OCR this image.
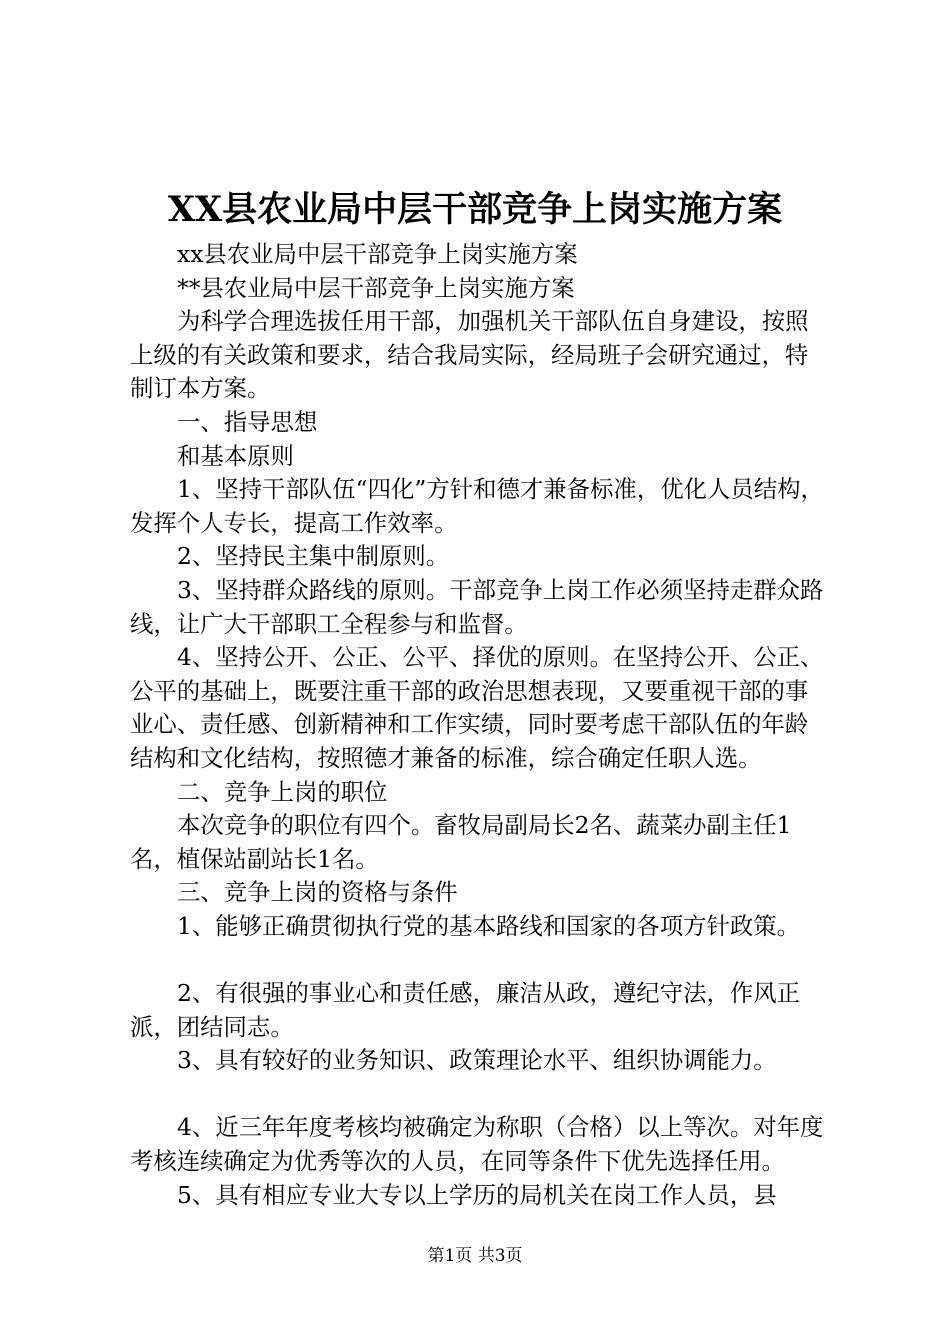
XX县农业局中层干部竞争上岗实施方案

xx县农业局中层干部竞争上岗实施方案

**县农业局中层干部竞争上岗实施方案

为科学合理选拔任用干部，加强机关干部队伍自身建设，按照上级的有关政策和要求，结合我局实际，经局班子会研究通过，特制订本方案。

一、指导思想

和基本原则

1、坚持干部队伍“四化”方针和德才兼备标准，优化人员结构，发挥个人专长，提高工作效率。

2、坚持民主集中制原则。

3、坚持群众路线的原则。干部竞争上岗工作必须坚持走群众路线，让广大干部职工全程参与和监督。

4、坚持公开、公正、公平、择优的原则。在坚持公开、公正、公平的基础上，既要注重干部的政治思想表现，又要重视干部的事业心、责任感、创新精神和工作实绩，同时要考虑干部队伍的年龄结构和文化结构，按照德才兼备的标准，综合确定任职人选。

二、竞争上岗的职位

本次竞争的职位有四个。畜牧局副局长2名、蔬菜办副主任1名，植保站副站长1名。

三、竞争上岗的资格与条件

1、能够正确贯彻执行党的基本路线和国家的各项方针政策。

2、有很强的事业心和责任感，廉洁从政，遵纪守法，作风正派，团结同志。

3、具有较好的业务知识、政策理论水平、组织协调能力。

4、近三年年度考核均被确定为称职（合格）以上等次。对年度考核连续确定为优秀等次的人员，在同等条件下优先选择任用。

5、具有相应专业大专以上学历的局机关在岗工作人员，县

第1页 共3页
